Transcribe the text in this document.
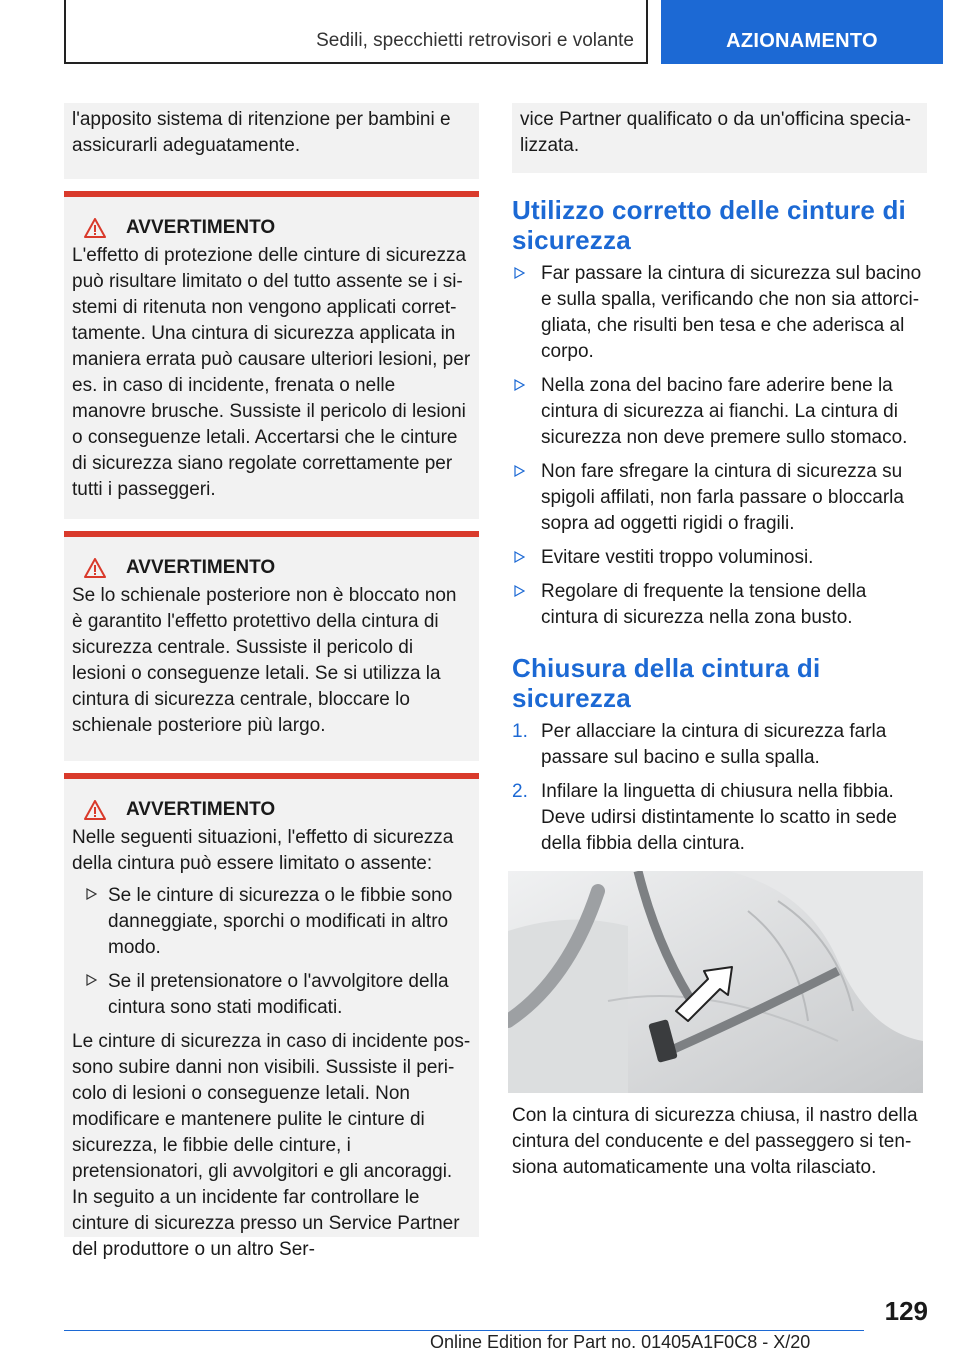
Sedili, specchietti retrovisori e volante	AZIONAMENTO
l'apposito sistema di ritenzione per bambini e assicurarli adeguatamente.
AVVERTIMENTO

L'effetto di protezione delle cinture di sicurezza può risultare limitato o del tutto assente se i sistemi di ritenuta non vengono applicati correttamente. Una cintura di sicurezza applicata in maniera errata può causare ulteriori lesioni, per es. in caso di incidente, frenata o nelle manovre brusche. Sussiste il pericolo di lesioni o conseguenze letali. Accertarsi che le cinture di sicurezza siano regolate correttamente per tutti i passeggeri.

AVVERTIMENTO

Se lo schienale posteriore non è bloccato non è garantito l'effetto protettivo della cintura di sicurezza centrale. Sussiste il pericolo di lesioni o conseguenze letali. Se si utilizza la cintura di sicurezza centrale, bloccare lo schienale posteriore più largo.

AVVERTIMENTO

Nelle seguenti situazioni, l'effetto di sicurezza della cintura può essere limitato o assente:

Se le cinture di sicurezza o le fibbie sono danneggiate, sporchi o modificati in altro modo.
Se il pretensionatore o l'avvolgitore della cintura sono stati modificati.

Le cinture di sicurezza in caso di incidente possono subire danni non visibili. Sussiste il pericolo di lesioni o conseguenze letali. Non modificare e mantenere pulite le cinture di sicurezza, le fibbie delle cinture, i pretensionatori, gli avvolgitori e gli ancoraggi. In seguito a un incidente far controllare le cinture di sicurezza presso un Service Partner del produttore o un altro Ser-

vice Partner qualificato o da un'officina specializzata.
Utilizzo corretto delle cinture di sicurezza
Far passare la cintura di sicurezza sul bacino e sulla spalla, verificando che non sia attorcigliata, che risulti ben tesa e che aderisca al corpo.
Nella zona del bacino fare aderire bene la cintura di sicurezza ai fianchi. La cintura di sicurezza non deve premere sullo stomaco.
Non fare sfregare la cintura di sicurezza su spigoli affilati, non farla passare o bloccarla sopra ad oggetti rigidi o fragili.
Evitare vestiti troppo voluminosi.
Regolare di frequente la tensione della cintura di sicurezza nella zona busto.
Chiusura della cintura di sicurezza
1. Per allacciare la cintura di sicurezza farla passare sul bacino e sulla spalla.
2. Infilare la linguetta di chiusura nella fibbia. Deve udirsi distintamente lo scatto in sede della fibbia della cintura.

Con la cintura di sicurezza chiusa, il nastro della cintura del conducente e del passeggero si tensiona automaticamente una volta rilasciato.

129
Online Edition for Part no. 01405A1F0C8 - X/20
